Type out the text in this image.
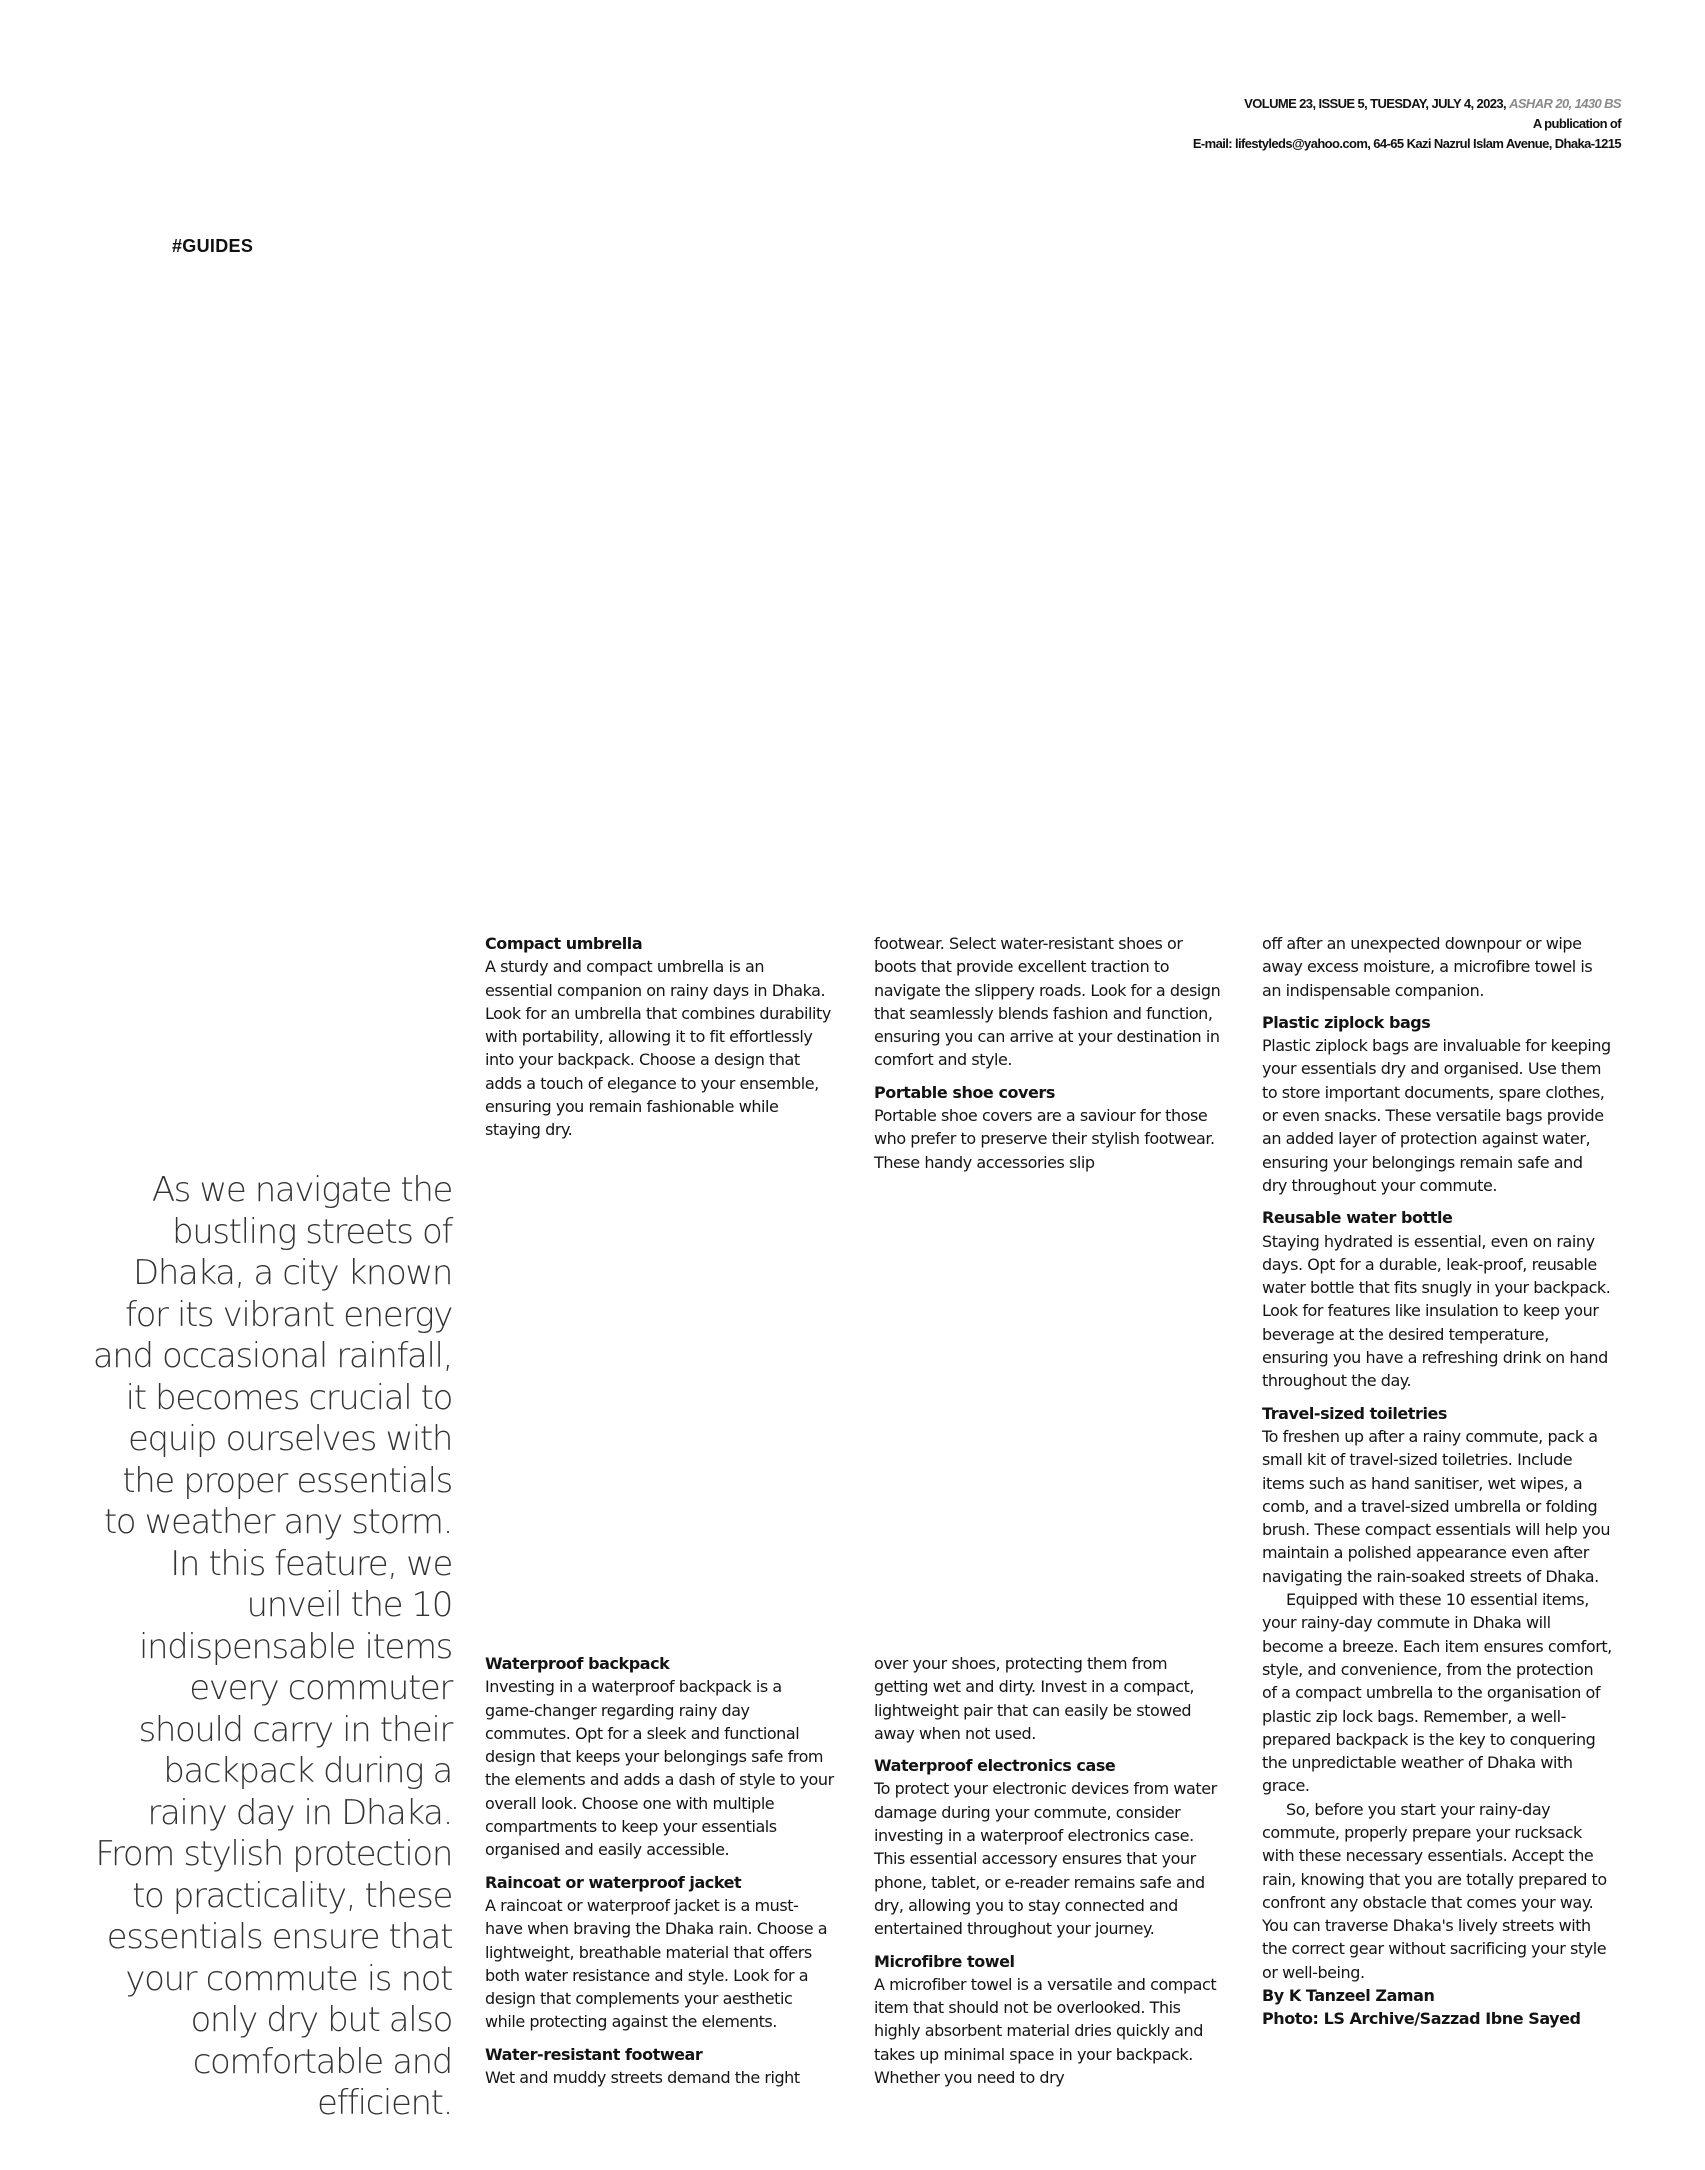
VOLUME 23, ISSUE 5, TUESDAY, JULY 4, 2023, ASHAR 20, 1430 BS
A publication of
E-mail: lifestyleds@yahoo.com, 64-65 Kazi Nazrul Islam Avenue, Dhaka-1215
#GUIDES
As we navigate the bustling streets of Dhaka, a city known for its vibrant energy and occasional rainfall, it becomes crucial to equip ourselves with the proper essentials to weather any storm. In this feature, we unveil the 10 indispensable items every commuter should carry in their backpack during a rainy day in Dhaka. From stylish protection to practicality, these essentials ensure that your commute is not only dry but also comfortable and efficient.

Compact umbrella

A sturdy and compact umbrella is an essential companion on rainy days in Dhaka. Look for an umbrella that combines durability with portability, allowing it to fit effortlessly into your backpack. Choose a design that adds a touch of elegance to your ensemble, ensuring you remain fashionable while staying dry.

footwear. Select water-resistant shoes or boots that provide excellent traction to navigate the slippery roads. Look for a design that seamlessly blends fashion and function, ensuring you can arrive at your destination in comfort and style.

Portable shoe covers

Portable shoe covers are a saviour for those who prefer to preserve their stylish footwear. These handy accessories slip

Waterproof backpack

Investing in a waterproof backpack is a game-changer regarding rainy day commutes. Opt for a sleek and functional design that keeps your belongings safe from the elements and adds a dash of style to your overall look. Choose one with multiple compartments to keep your essentials organised and easily accessible.

Raincoat or waterproof jacket

A raincoat or waterproof jacket is a must-have when braving the Dhaka rain. Choose a lightweight, breathable material that offers both water resistance and style. Look for a design that complements your aesthetic while protecting against the elements.

Water-resistant footwear

Wet and muddy streets demand the right

over your shoes, protecting them from getting wet and dirty. Invest in a compact, lightweight pair that can easily be stowed away when not used.

Waterproof electronics case

To protect your electronic devices from water damage during your commute, consider investing in a waterproof electronics case. This essential accessory ensures that your phone, tablet, or e-reader remains safe and dry, allowing you to stay connected and entertained throughout your journey.

Microfibre towel

A microfiber towel is a versatile and compact item that should not be overlooked. This highly absorbent material dries quickly and takes up minimal space in your backpack. Whether you need to dry

off after an unexpected downpour or wipe away excess moisture, a microfibre towel is an indispensable companion.

Plastic ziplock bags

Plastic ziplock bags are invaluable for keeping your essentials dry and organised. Use them to store important documents, spare clothes, or even snacks. These versatile bags provide an added layer of protection against water, ensuring your belongings remain safe and dry throughout your commute.

Reusable water bottle

Staying hydrated is essential, even on rainy days. Opt for a durable, leak-proof, reusable water bottle that fits snugly in your backpack. Look for features like insulation to keep your beverage at the desired temperature, ensuring you have a refreshing drink on hand throughout the day.

Travel-sized toiletries

To freshen up after a rainy commute, pack a small kit of travel-sized toiletries. Include items such as hand sanitiser, wet wipes, a comb, and a travel-sized umbrella or folding brush. These compact essentials will help you maintain a polished appearance even after navigating the rain-soaked streets of Dhaka.

Equipped with these 10 essential items, your rainy-day commute in Dhaka will become a breeze. Each item ensures comfort, style, and convenience, from the protection of a compact umbrella to the organisation of plastic zip lock bags. Remember, a well-prepared backpack is the key to conquering the unpredictable weather of Dhaka with grace.

So, before you start your rainy-day commute, properly prepare your rucksack with these necessary essentials. Accept the rain, knowing that you are totally prepared to confront any obstacle that comes your way. You can traverse Dhaka's lively streets with the correct gear without sacrificing your style or well-being.

By K Tanzeel Zaman

Photo: LS Archive/Sazzad Ibne Sayed
